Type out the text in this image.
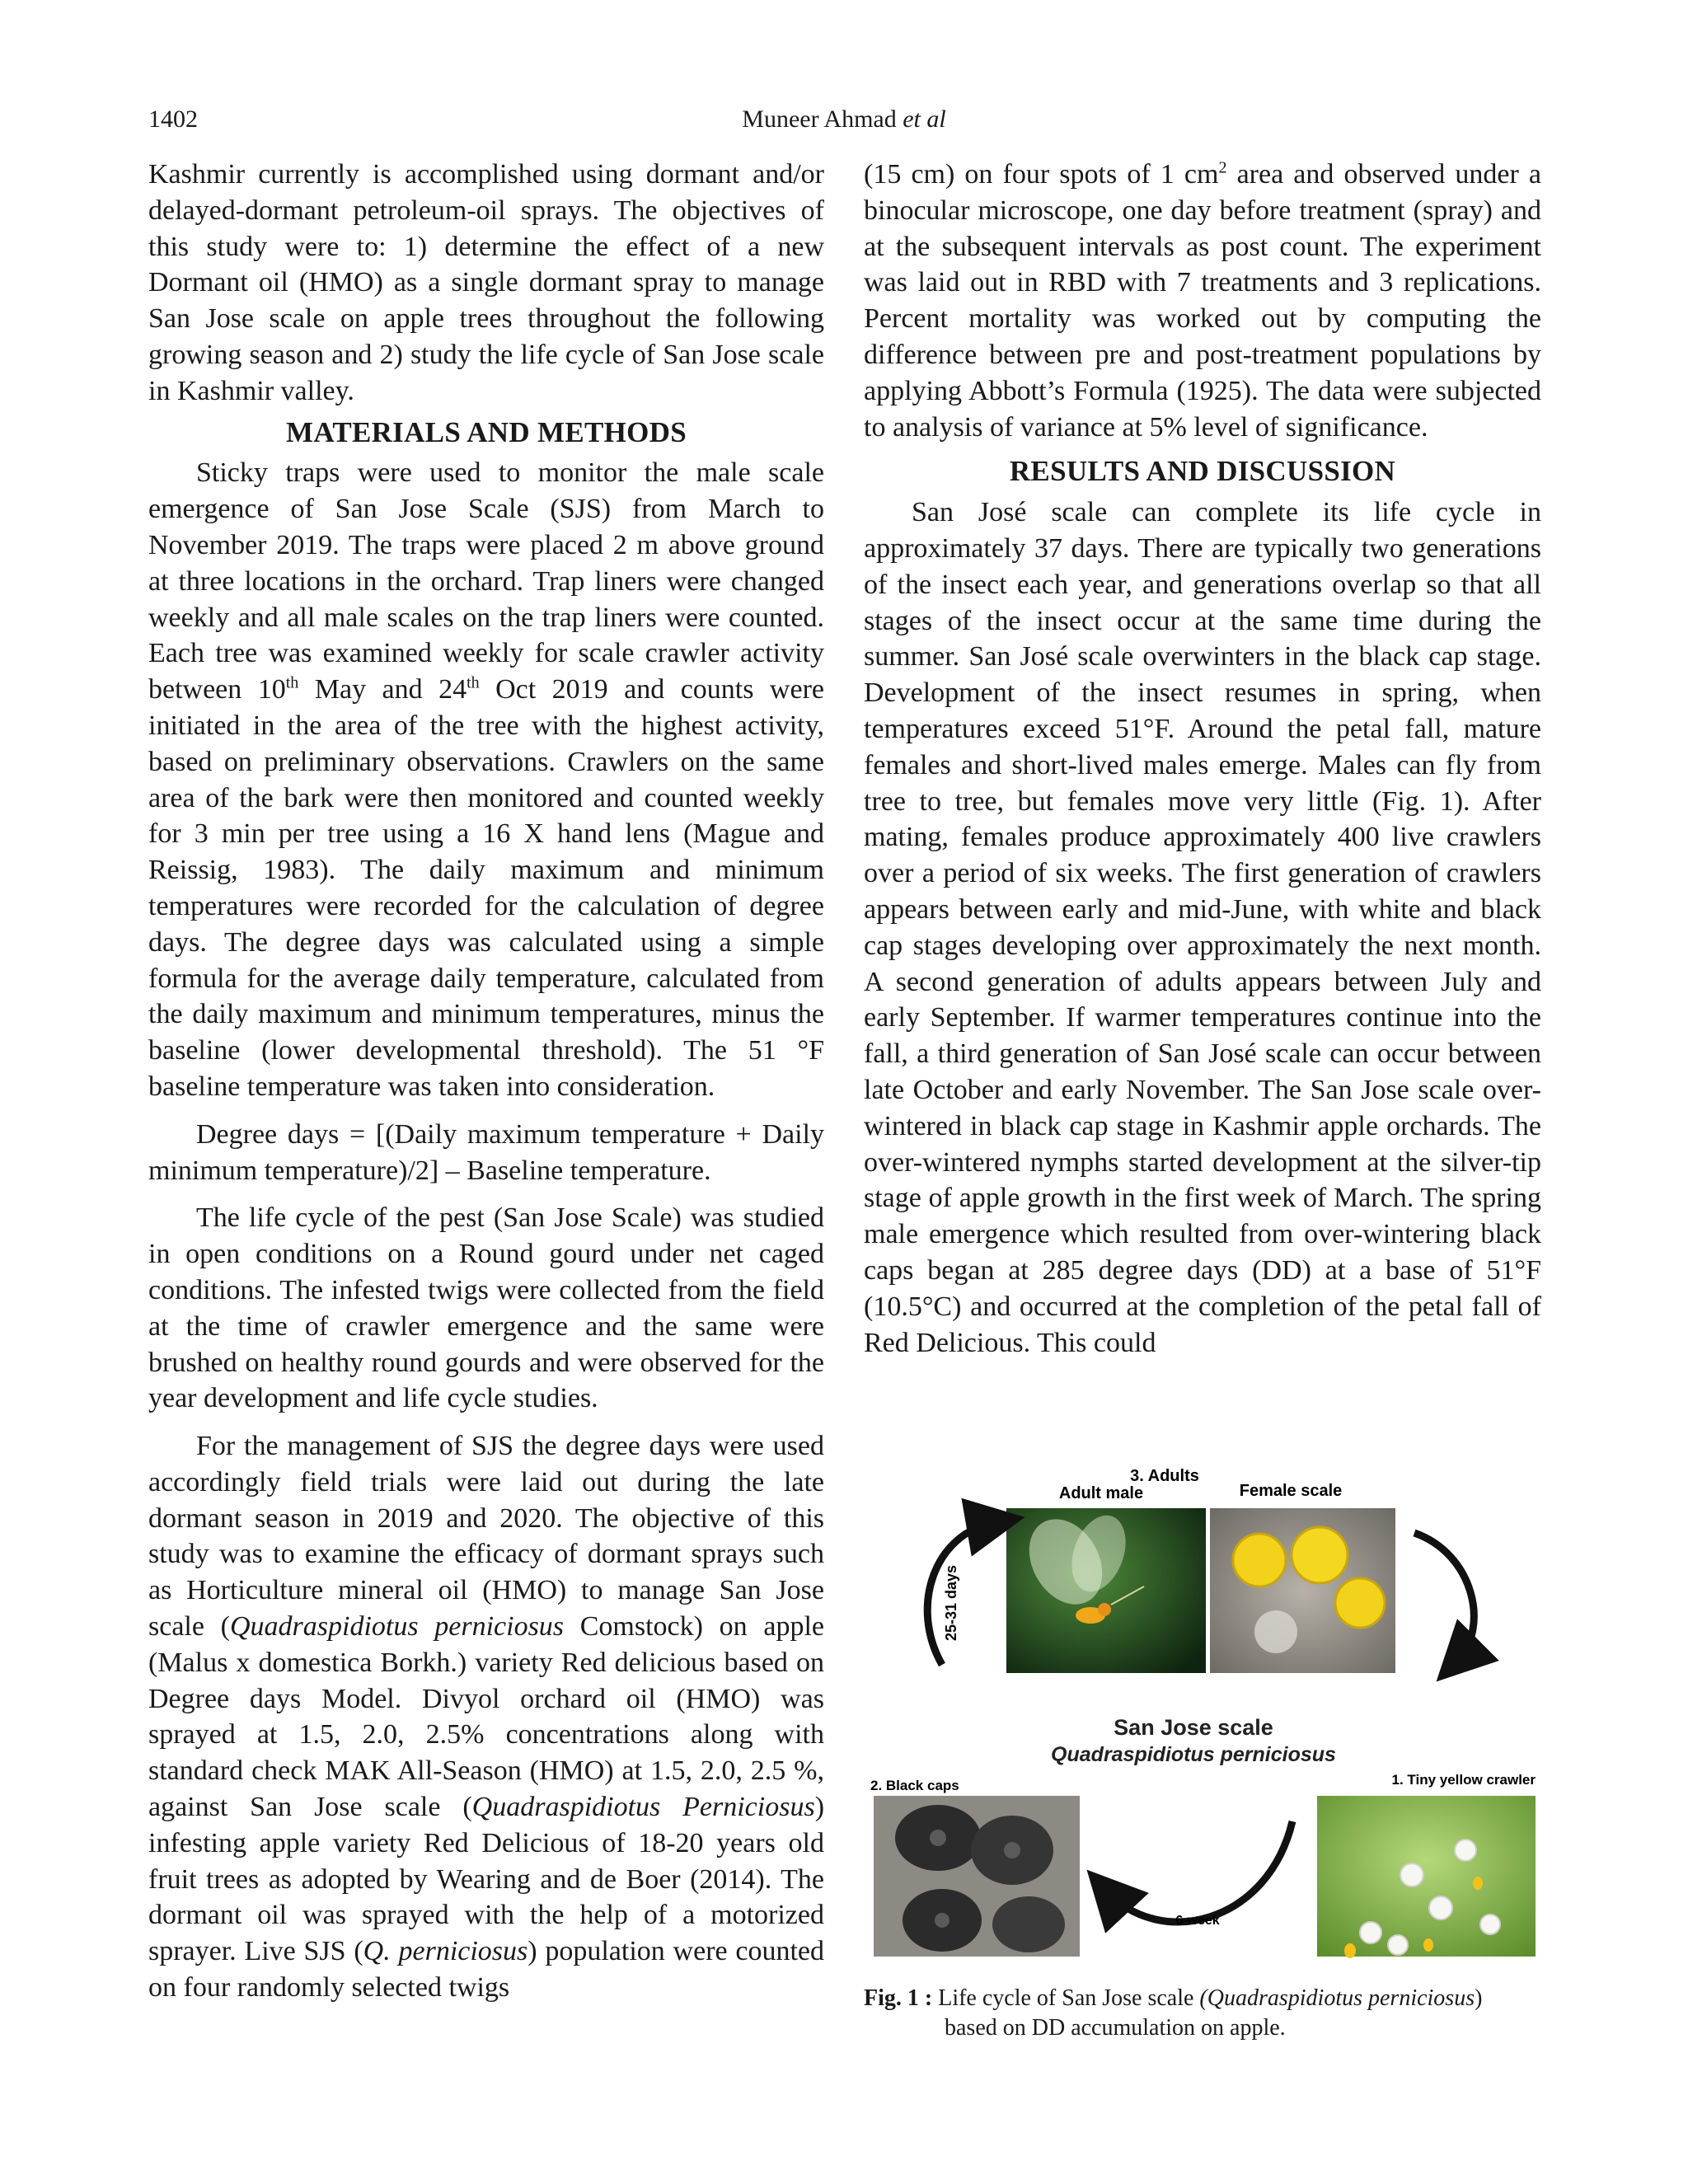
1402	Muneer Ahmad et al

Kashmir currently is accomplished using dormant and/or delayed-dormant petroleum-oil sprays. The objectives of this study were to: 1) determine the effect of a new Dormant oil (HMO) as a single dormant spray to manage San Jose scale on apple trees throughout the following growing season and 2) study the life cycle of San Jose scale in Kashmir valley.

MATERIALS AND METHODS

Sticky traps were used to monitor the male scale emergence of San Jose Scale (SJS) from March to November 2019. The traps were placed 2 m above ground at three locations in the orchard. Trap liners were changed weekly and all male scales on the trap liners were counted. Each tree was examined weekly for scale crawler activity between 10th May and 24th Oct 2019 and counts were initiated in the area of the tree with the highest activity, based on preliminary observations. Crawlers on the same area of the bark were then monitored and counted weekly for 3 min per tree using a 16 X hand lens (Mague and Reissig, 1983). The daily maximum and minimum temperatures were recorded for the calculation of degree days. The degree days was calculated using a simple formula for the average daily temperature, calculated from the daily maximum and minimum temperatures, minus the baseline (lower developmental threshold). The 51 °F baseline temperature was taken into consideration.

Degree days = [(Daily maximum temperature + Daily minimum temperature)/2] – Baseline temperature.

The life cycle of the pest (San Jose Scale) was studied in open conditions on a Round gourd under net caged conditions. The infested twigs were collected from the field at the time of crawler emergence and the same were brushed on healthy round gourds and were observed for the year development and life cycle studies.

For the management of SJS the degree days were used accordingly field trials were laid out during the late dormant season in 2019 and 2020. The objective of this study was to examine the efficacy of dormant sprays such as Horticulture mineral oil (HMO) to manage San Jose scale (Quadraspidiotus perniciosus Comstock) on apple (Malus x domestica Borkh.) variety Red delicious based on Degree days Model. Divyol orchard oil (HMO) was sprayed at 1.5, 2.0, 2.5% concentrations along with standard check MAK All-Season (HMO) at 1.5, 2.0, 2.5 %, against San Jose scale (Quadraspidiotus Perniciosus) infesting apple variety Red Delicious of 18-20 years old fruit trees as adopted by Wearing and de Boer (2014). The dormant oil was sprayed with the help of a motorized sprayer. Live SJS (Q. perniciosus) population were counted on four randomly selected twigs

(15 cm) on four spots of 1 $cm^2$ area and observed under a binocular microscope, one day before treatment (spray) and at the subsequent intervals as post count. The experiment was laid out in RBD with 7 treatments and 3 replications. Percent mortality was worked out by computing the difference between pre and post-treatment populations by applying Abbott’s Formula (1925). The data were subjected to analysis of variance at 5% level of significance.

RESULTS AND DISCUSSION

San José scale can complete its life cycle in approximately 37 days. There are typically two generations of the insect each year, and generations overlap so that all stages of the insect occur at the same time during the summer. San José scale overwinters in the black cap stage. Development of the insect resumes in spring, when temperatures exceed 51°F. Around the petal fall, mature females and short-lived males emerge. Males can fly from tree to tree, but females move very little (Fig. 1). After mating, females produce approximately 400 live crawlers over a period of six weeks. The first generation of crawlers appears between early and mid-June, with white and black cap stages developing over approximately the next month. A second generation of adults appears between July and early September. If warmer temperatures continue into the fall, a third generation of San José scale can occur between late October and early November. The San Jose scale over-wintered in black cap stage in Kashmir apple orchards. The over-wintered nymphs started development at the silver-tip stage of apple growth in the first week of March. The spring male emergence which resulted from over-wintering black caps began at 285 degree days (DD) at a base of 51°F (10.5°C) and occurred at the completion of the petal fall of Red Delicious. This could

3. Adults
Adult male	Female scale
25-31 days
San Jose scale
Quadraspidiotus perniciosus
2. Black caps	1. Tiny yellow crawler
6-week
Fig. 1 : Life cycle of San Jose scale (Quadraspidiotus perniciosus)
based on DD accumulation on apple.
